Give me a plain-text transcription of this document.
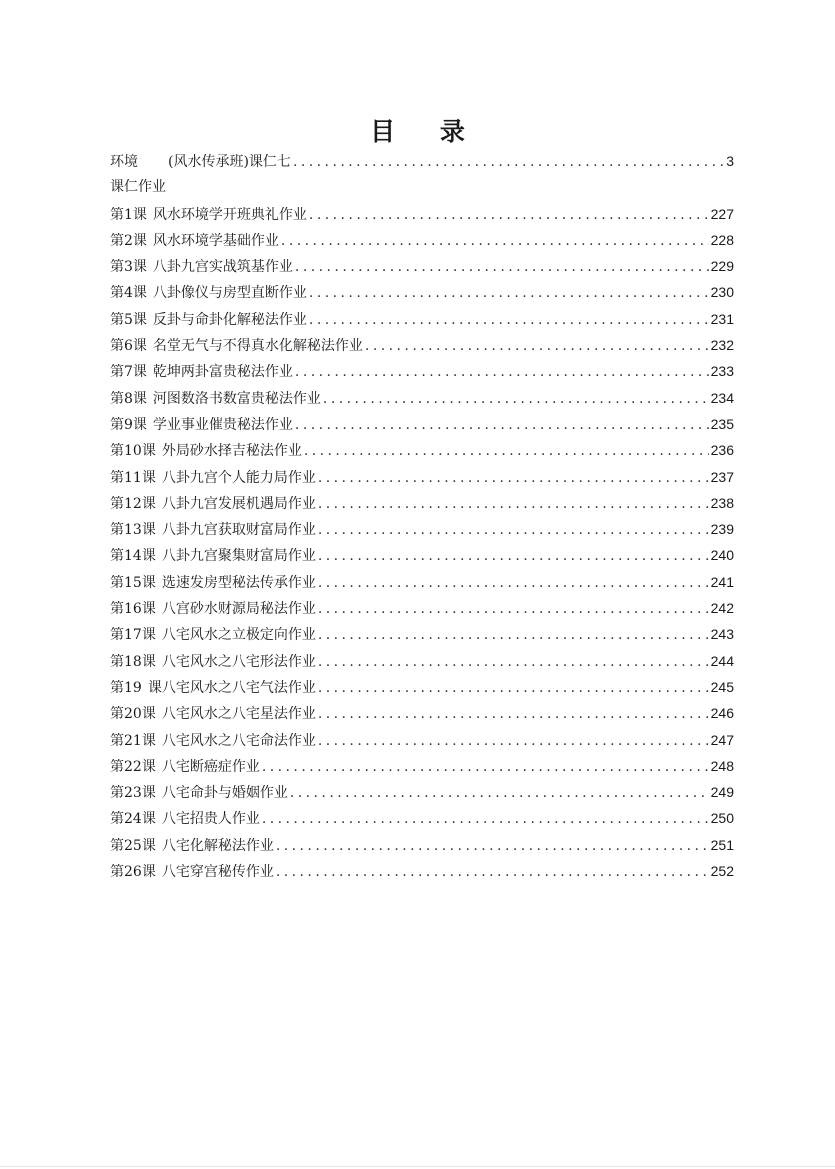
目 录
环境 (风水传承班)课仁七 . . .	3
课仁作业
第1课 风水环境学开班典礼作业 . . .	227
第2课 风水环境学基础作业 . . .	228
第3课 八卦九宫实战筑基作业 . . .	229
第4课 八卦像仪与房型直断作业 . . .	230
第5课 反卦与命卦化解秘法作业 . . .	231
第6课 名堂无气与不得真水化解秘法作业 . . .	232
第7课 乾坤两卦富贵秘法作业 . . .	233
第8课 河图数洛书数富贵秘法作业 . . .	234
第9课 学业事业催贵秘法作业 . . .	235
第10课 外局砂水择吉秘法作业 . . .	236
第11课 八卦九宫个人能力局作业 . . .	237
第12课 八卦九宫发展机遇局作业 . . .	238
第13课 八卦九宫获取财富局作业 . . .	239
第14课 八卦九宫聚集财富局作业 . . .	240
第15课 选速发房型秘法传承作业 . . .	241
第16课 八宫砂水财源局秘法作业 . . .	242
第17课 八宅风水之立极定向作业 . . .	243
第18课 八宅风水之八宅形法作业 . . .	244
第19 课八宅风水之八宅气法作业 . . .	245
第20课 八宅风水之八宅星法作业 . . .	246
第21课 八宅风水之八宅命法作业 . . .	247
第22课 八宅断癌症作业 . . .	248
第23课 八宅命卦与婚姻作业 . . .	249
第24课 八宅招贵人作业 . . .	250
第25课 八宅化解秘法作业 . . .	251
第26课 八宅穿宫秘传作业 . . .	252
